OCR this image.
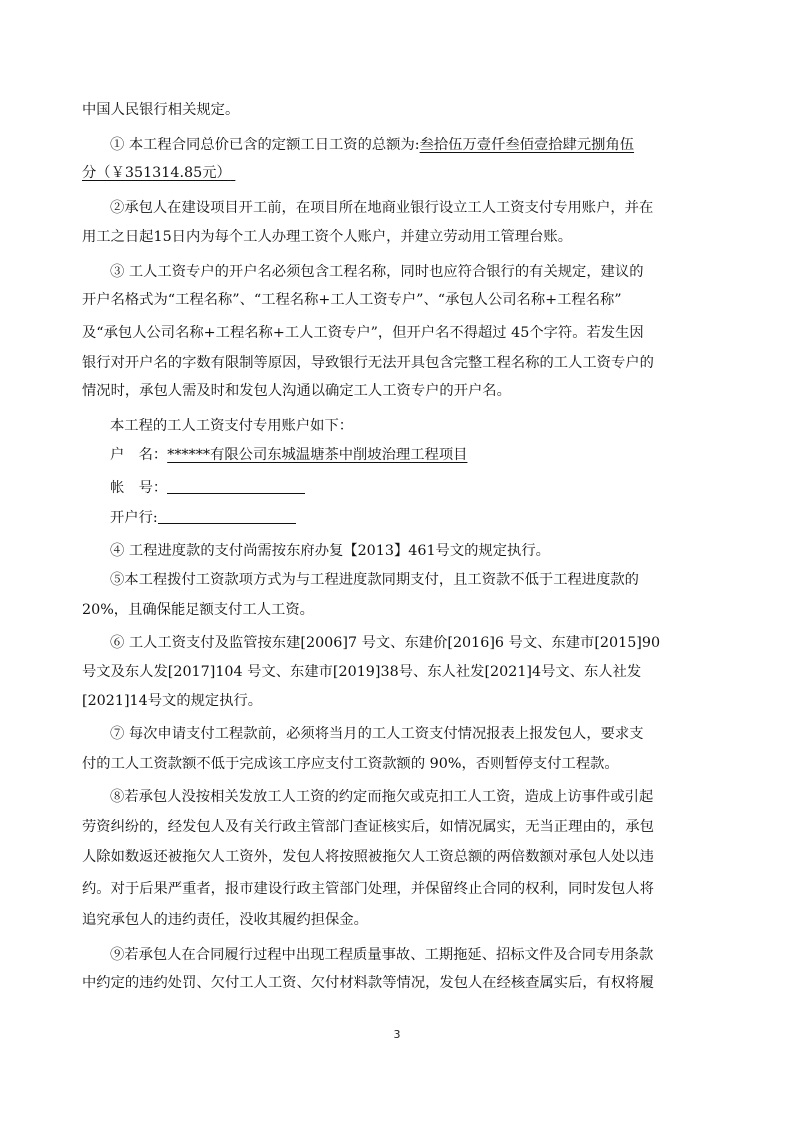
中国人民银行相关规定。
① 本工程合同总价已含的定额工日工资的总额为:叁拾伍万壹仟叁佰壹拾肆元捌角伍
分（￥351314.85元）
②承包人在建设项目开工前，在项目所在地商业银行设立工人工资支付专用账户，并在
用工之日起15日内为每个工人办理工资个人账户，并建立劳动用工管理台账。
③ 工人工资专户的开户名必须包含工程名称，同时也应符合银行的有关规定，建议的
开户名格式为“工程名称”、“工程名称+工人工资专户”、“承包人公司名称+工程名称”
及“承包人公司名称+工程名称+工人工资专户”，但开户名不得超过 45个字符。若发生因
银行对开户名的字数有限制等原因，导致银行无法开具包含完整工程名称的工人工资专户的
情况时，承包人需及时和发包人沟通以确定工人工资专户的开户名。
本工程的工人工资支付专用账户如下：
户　名：******有限公司东城温塘茶中削坡治理工程项目
帐　号：
开户行:
④ 工程进度款的支付尚需按东府办复【2013】461号文的规定执行。
⑤本工程拨付工资款项方式为与工程进度款同期支付，且工资款不低于工程进度款的
20%，且确保能足额支付工人工资。
⑥ 工人工资支付及监管按东建[2006]7 号文、东建价[2016]6 号文、东建市[2015]90
号文及东人发[2017]104 号文、东建市[2019]38号、东人社发[2021]4号文、东人社发
[2021]14号文的规定执行。
⑦ 每次申请支付工程款前，必须将当月的工人工资支付情况报表上报发包人，要求支
付的工人工资款额不低于完成该工序应支付工资款额的 90%，否则暂停支付工程款。
⑧若承包人没按相关发放工人工资的约定而拖欠或克扣工人工资，造成上访事件或引起
劳资纠纷的，经发包人及有关行政主管部门查证核实后，如情况属实，无当正理由的，承包
人除如数返还被拖欠人工资外，发包人将按照被拖欠人工资总额的两倍数额对承包人处以违
约。对于后果严重者，报市建设行政主管部门处理，并保留终止合同的权利，同时发包人将
追究承包人的违约责任，没收其履约担保金。
⑨若承包人在合同履行过程中出现工程质量事故、工期拖延、招标文件及合同专用条款
中约定的违约处罚、欠付工人工资、欠付材料款等情况，发包人在经核查属实后，有权将履
3
